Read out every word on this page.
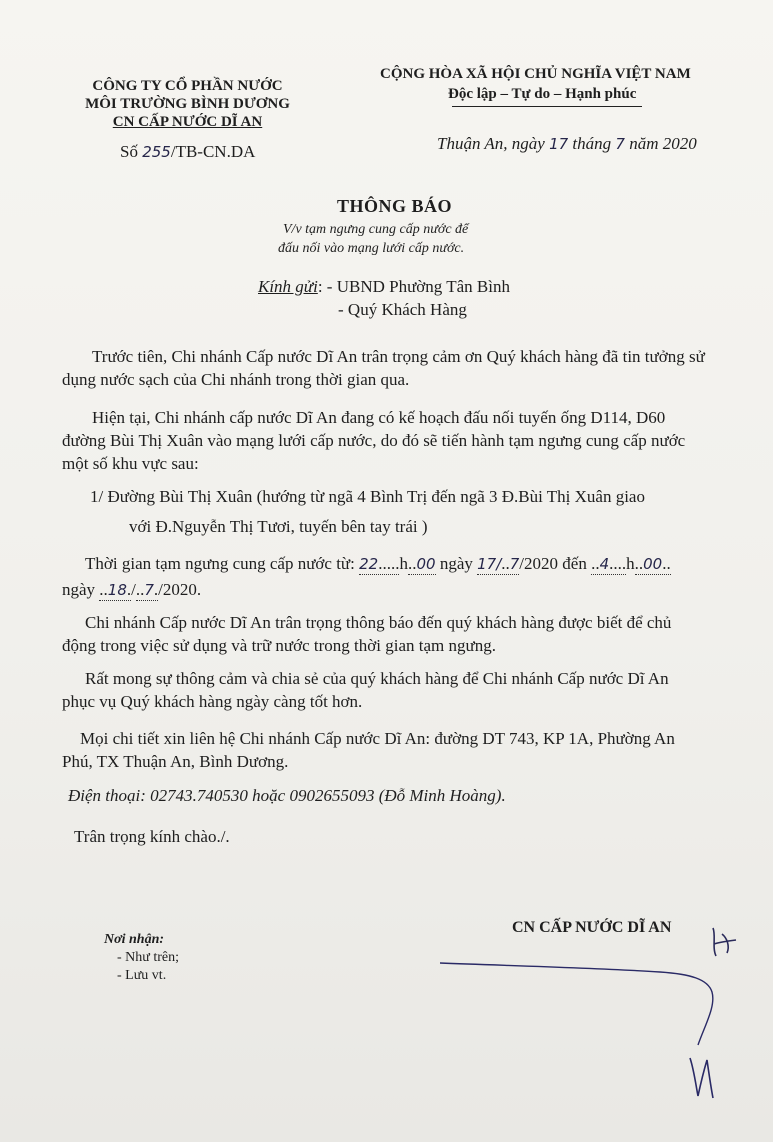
CÔNG TY CỔ PHẦN NƯỚC
MÔI TRƯỜNG BÌNH DƯƠNG
CN CẤP NƯỚC DĨ AN
CỘNG HÒA XÃ HỘI CHỦ NGHĨA VIỆT NAM
Độc lập – Tự do – Hạnh phúc
Số 255/TB-CN.DA	Thuận An, ngày 17 tháng 7 năm 2020
THÔNG BÁO
V/v tạm ngưng cung cấp nước để
đấu nối vào mạng lưới cấp nước.
Kính gửi: - UBND Phường Tân Bình
- Quý Khách Hàng
Trước tiên, Chi nhánh Cấp nước Dĩ An trân trọng cảm ơn Quý khách hàng đã tin tưởng sử
dụng nước sạch của Chi nhánh trong thời gian qua.
Hiện tại, Chi nhánh cấp nước Dĩ An đang có kế hoạch đấu nối tuyến ống D114, D60
đường Bùi Thị Xuân vào mạng lưới cấp nước, do đó sẽ tiến hành tạm ngưng cung cấp nước
một số khu vực sau:
1/ Đường Bùi Thị Xuân (hướng từ ngã 4 Bình Trị đến ngã 3 Đ.Bùi Thị Xuân giao
với Đ.Nguyễn Thị Tươi, tuyến bên tay trái )
Thời gian tạm ngưng cung cấp nước từ: 22.....h..00 ngày 17/..7/2020 đến ..4....h..00..
ngày ..18./..7./2020.
Chi nhánh Cấp nước Dĩ An trân trọng thông báo đến quý khách hàng được biết để chủ
động trong việc sử dụng và trữ nước trong thời gian tạm ngưng.
Rất mong sự thông cảm và chia sẻ của quý khách hàng để Chi nhánh Cấp nước Dĩ An
phục vụ Quý khách hàng ngày càng tốt hơn.
Mọi chi tiết xin liên hệ Chi nhánh Cấp nước Dĩ An: đường DT 743, KP 1A, Phường An
Phú, TX Thuận An, Bình Dương.
Điện thoại: 02743.740530 hoặc 0902655093 (Đỗ Minh Hoàng).
Trân trọng kính chào./.
Nơi nhận:
- Như trên;
- Lưu vt.
CN CẤP NƯỚC DĨ AN
